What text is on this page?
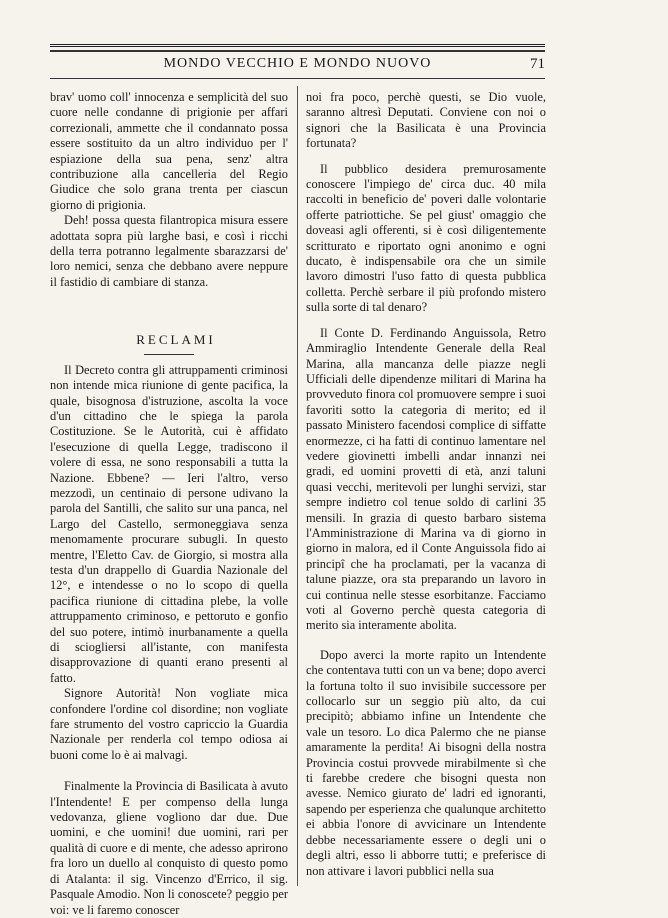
MONDO VECCHIO E MONDO NUOVO	71

brav' uomo coll' innocenza e semplicità del suo cuore nelle condanne di prigionie per affari correzionali, ammette che il condannato possa essere sostituito da un altro individuo per l' espiazione della sua pena, senz' altra contribuzione alla cancelleria del Regio Giudice che solo grana trenta per ciascun giorno di prigionia.

Deh! possa questa filantropica misura essere adottata sopra più larghe basi, e così i ricchi della terra potranno legalmente sbarazzarsi de' loro nemici, senza che debbano avere neppure il fastidio di cambiare di stanza.

RECLAMI

Il Decreto contra gli attruppamenti criminosi non intende mica riunione di gente pacifica, la quale, bisognosa d'istruzione, ascolta la voce d'un cittadino che le spiega la parola Costituzione. Se le Autorità, cui è affidato l'esecuzione di quella Legge, tradiscono il volere di essa, ne sono responsabili a tutta la Nazione. Ebbene? — Ieri l'altro, verso mezzodì, un centinaio di persone udivano la parola del Santilli, che salito sur una panca, nel Largo del Castello, sermoneggiava senza menomamente procurare subugli. In questo mentre, l'Eletto Cav. de Giorgio, si mostra alla testa d'un drappello di Guardia Nazionale del 12°, e intendesse o no lo scopo di quella pacifica riunione di cittadina plebe, la volle attruppamento criminoso, e pettoruto e gonfio del suo potere, intimò inurbanamente a quella di sciogliersi all'istante, con manifesta disapprovazione di quanti erano presenti al fatto.

Signore Autorità! Non vogliate mica confondere l'ordine col disordine; non vogliate fare strumento del vostro capriccio la Guardia Nazionale per renderla col tempo odiosa ai buoni come lo è ai malvagi.

Finalmente la Provincia di Basilicata à avuto l'Intendente! E per compenso della lunga vedovanza, gliene vogliono dar due. Due uomini, e che uomini! due uomini, rari per qualità di cuore e di mente, che adesso aprirono fra loro un duello al conquisto di questo pomo di Atalanta: il sig. Vincenzo d'Errico, il sig. Pasquale Amodio. Non li conoscete? peggio per voi: ve li faremo conoscer

noi fra poco, perchè questi, se Dio vuole, saranno altresì Deputati. Conviene con noi o signori che la Basilicata è una Provincia fortunata?

Il pubblico desidera premurosamente conoscere l'impiego de' circa duc. 40 mila raccolti in beneficio de' poveri dalle volontarie offerte patriottiche. Se pel giust' omaggio che doveasi agli offerenti, si è così diligentemente scritturato e riportato ogni anonimo e ogni ducato, è indispensabile ora che un simile lavoro dimostri l'uso fatto di questa pubblica colletta. Perchè serbare il più profondo mistero sulla sorte di tal denaro?

Il Conte D. Ferdinando Anguissola, Retro Ammiraglio Intendente Generale della Real Marina, alla mancanza delle piazze negli Ufficiali delle dipendenze militari di Marina ha provveduto finora col promuovere sempre i suoi favoriti sotto la categoria di merito; ed il passato Ministero facendosi complice di siffatte enormezze, ci ha fatti di continuo lamentare nel vedere giovinetti imbelli andar innanzi nei gradi, ed uomini provetti di età, anzi taluni quasi vecchi, meritevoli per lunghi servizi, star sempre indietro col tenue soldo di carlini 35 mensili. In grazia di questo barbaro sistema l'Amministrazione di Marina va di giorno in giorno in malora, ed il Conte Anguissola fido ai principî che ha proclamati, per la vacanza di talune piazze, ora sta preparando un lavoro in cui continua nelle stesse esorbitanze. Facciamo voti al Governo perchè questa categoria di merito sia interamente abolita.

Dopo averci la morte rapito un Intendente che contentava tutti con un va bene; dopo averci la fortuna tolto il suo invisibile successore per collocarlo sur un seggio più alto, da cui precipitò; abbiamo infine un Intendente che vale un tesoro. Lo dica Palermo che ne pianse amaramente la perdita! Ai bisogni della nostra Provincia costui provvede mirabilmente sì che ti farebbe credere che bisogni questa non avesse. Nemico giurato de' ladri ed ignoranti, sapendo per esperienza che qualunque architetto ei abbia l'onore di avvicinare un Intendente debbe necessariamente essere o degli uni o degli altri, esso li abborre tutti; e preferisce di non attivare i lavori pubblici nella sua
